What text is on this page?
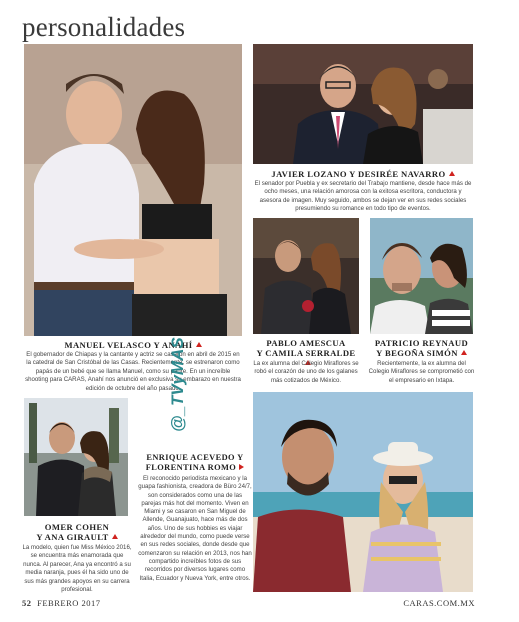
personalidades
JAVIER LOZANO Y DESIRÉE NAVARRO
El senador por Puebla y ex secretario del Trabajo mantiene, desde hace más de ocho meses, una relación amorosa con la exitosa escritora, conductora y asesora de imagen. Muy seguido, ambos se dejan ver en sus redes sociales presumiendo su romance en todo tipo de eventos.
PABLO AMESCUA
Y CAMILA SERRALDE
La ex alumna del Colegio Miraflores se robó el corazón de uno de los galanes más cotizados de México.
PATRICIO REYNAUD
Y BEGOÑA SIMÓN
Recientemente, la ex alumna del Colegio Miraflores se comprometió con el empresario en Ixtapa.
MANUEL VELASCO Y ANAHÍ
El gobernador de Chiapas y la cantante y actriz se casaron en abril de 2015 en la catedral de San Cristóbal de las Casas. Recientemente, se estrenaron como papás de un bebé que se llama Manuel, como su padre. En un increíble shooting para CARAS, Anahí nos anunció en exclusiva su embarazo en nuestra edición de octubre del año pasado.
@_TVyMAS
ENRIQUE ACEVEDO Y
FLORENTINA ROMO
El reconocido periodista mexicano y la guapa fashionista, creadora de Büro 24/7, son considerados como una de las parejas más hot del momento. Viven en Miami y se casaron en San Miguel de Allende, Guanajuato, hace más de dos años. Uno de sus hobbies es viajar alrededor del mundo, como puede verse en sus redes sociales, donde desde que comenzaron su relación en 2013, nos han compartido increíbles fotos de sus recorridos por diversos lugares como Italia, Ecuador y Nueva York, entre otros.
OMER COHEN
Y ANA GIRAULT
La modelo, quien fue Miss México 2016, se encuentra más enamorada que nunca. Al parecer, Ana ya encontró a su media naranja, pues él ha sido uno de sus más grandes apoyos en su carrera profesional.
52 FEBRERO 2017	CARAS.COM.MX
